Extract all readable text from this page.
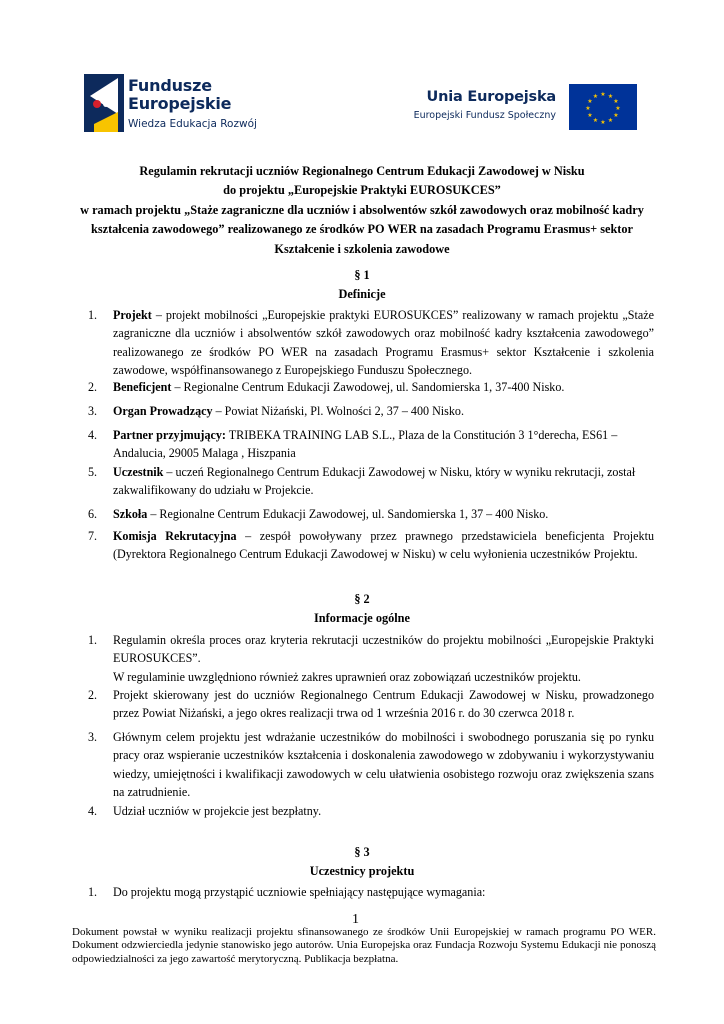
Fundusze
Europejskie
Wiedza Edukacja Rozwój
Unia Europejska
Europejski Fundusz Społeczny
★ ★
★
★
★
★
★
★
★
★
★
★
Regulamin rekrutacji uczniów Regionalnego Centrum Edukacji Zawodowej w Nisku
do projektu „Europejskie Praktyki EUROSUKCES”
w ramach projektu „Staże zagraniczne dla uczniów i absolwentów szkół zawodowych oraz mobilność kadry
kształcenia zawodowego” realizowanego ze środków PO WER na zasadach Programu Erasmus+ sektor
Kształcenie i szkolenia zawodowe
§ 1
Definicje
1. Projekt – projekt mobilności „Europejskie praktyki EUROSUKCES” realizowany w ramach projektu „Staże
zagraniczne dla uczniów i absolwentów szkół zawodowych oraz mobilność kadry kształcenia zawodowego”
realizowanego ze środków PO WER na zasadach Programu Erasmus+ sektor Kształcenie i szkolenia
zawodowe, współfinansowanego z Europejskiego Funduszu Społecznego.
2. Beneficjent – Regionalne Centrum Edukacji Zawodowej, ul. Sandomierska 1, 37-400 Nisko.
3. Organ Prowadzący – Powiat Niżański, Pl. Wolności 2, 37 – 400 Nisko.
4. Partner przyjmujący: TRIBEKA TRAINING LAB S.L., Plaza de la Constitución 3 1°derecha, ES61 –
Andalucia, 29005 Malaga , Hiszpania
5. Uczestnik – uczeń Regionalnego Centrum Edukacji Zawodowej w Nisku, który w wyniku rekrutacji, został
zakwalifikowany do udziału w Projekcie.
6. Szkoła – Regionalne Centrum Edukacji Zawodowej, ul. Sandomierska 1, 37 – 400 Nisko.
7. Komisja Rekrutacyjna – zespół powoływany przez prawnego przedstawiciela beneficjenta Projektu
(Dyrektora Regionalnego Centrum Edukacji Zawodowej w Nisku) w celu wyłonienia uczestników Projektu.
§ 2
Informacje ogólne
1. Regulamin określa proces oraz kryteria rekrutacji uczestników do projektu mobilności „Europejskie Praktyki
EUROSUKCES”.
W regulaminie uwzględniono również zakres uprawnień oraz zobowiązań uczestników projektu.
2. Projekt skierowany jest do uczniów Regionalnego Centrum Edukacji Zawodowej w Nisku, prowadzonego
przez Powiat Niżański, a jego okres realizacji trwa od 1 września 2016 r. do 30 czerwca 2018 r.
3. Głównym celem projektu jest wdrażanie uczestników do mobilności i swobodnego poruszania się po rynku
pracy oraz wspieranie uczestników kształcenia i doskonalenia zawodowego w zdobywaniu i wykorzystywaniu
wiedzy, umiejętności i kwalifikacji zawodowych w celu ułatwienia osobistego rozwoju oraz zwiększenia szans
na zatrudnienie.
4. Udział uczniów w projekcie jest bezpłatny.
§ 3
Uczestnicy projektu
1. Do projektu mogą przystąpić uczniowie spełniający następujące wymagania:
1
Dokument powstał w wyniku realizacji projektu sfinansowanego ze środków Unii Europejskiej w ramach programu PO WER.
Dokument odzwierciedla jedynie stanowisko jego autorów. Unia Europejska oraz Fundacja Rozwoju Systemu Edukacji nie ponoszą
odpowiedzialności za jego zawartość merytoryczną. Publikacja bezpłatna.
